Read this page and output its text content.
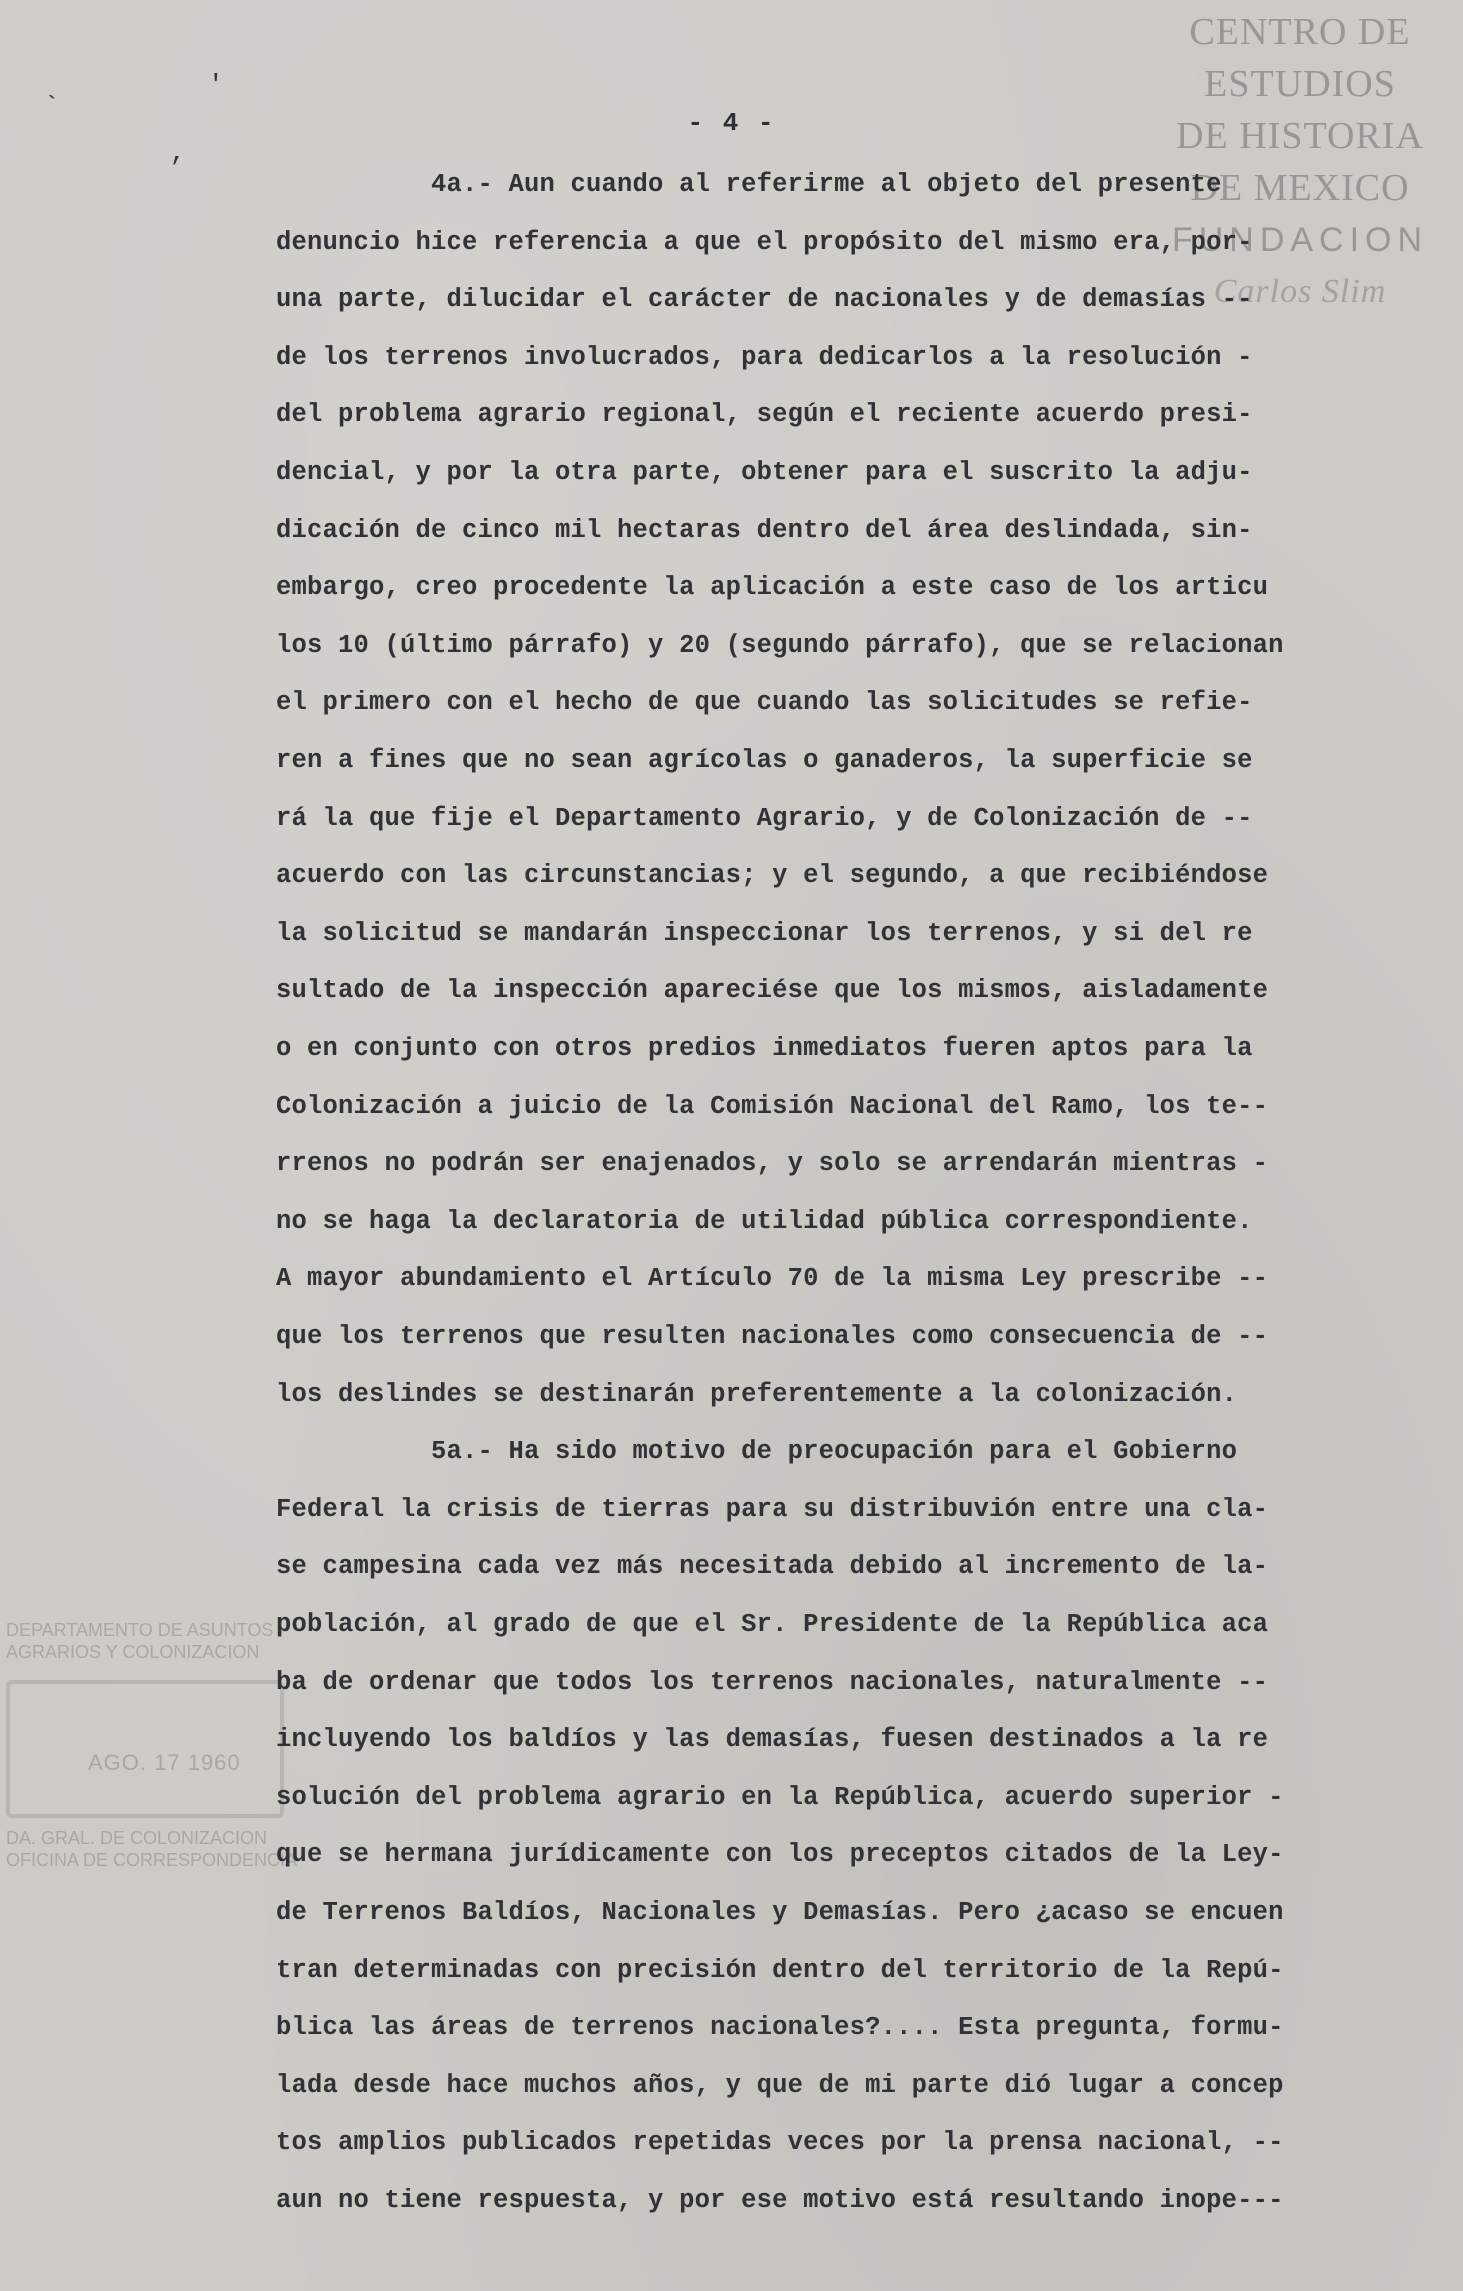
CENTRO DE
ESTUDIOS
DE HISTORIA
DE MEXICO
FUNDACION
Carlos Slim
DEPARTAMENTO DE ASUNTOS
AGRARIOS Y COLONIZACION
AGO. 17 1960
DA. GRAL. DE COLONIZACION
OFICINA DE CORRESPONDENCIA
`
'
,
- 4 -
4a.- Aun cuando al referirme al objeto del presente
denuncio hice referencia a que el propósito del mismo era, por-
una parte, dilucidar el carácter de nacionales y de demasías --
de los terrenos involucrados, para dedicarlos a la resolución -
del problema agrario regional, según el reciente acuerdo presi-
dencial, y por la otra parte, obtener para el suscrito la adju-
dicación de cinco mil hectaras dentro del área deslindada, sin-
embargo, creo procedente la aplicación a este caso de los articu
los 10 (último párrafo) y 20 (segundo párrafo), que se relacionan
el primero con el hecho de que cuando las solicitudes se refie-
ren a fines que no sean agrícolas o ganaderos, la superficie se
rá la que fije el Departamento Agrario, y de Colonización de --
acuerdo con las circunstancias; y el segundo, a que recibiéndose
la solicitud se mandarán inspeccionar los terrenos, y si del re
sultado de la inspección apareciése que los mismos, aisladamente
o en conjunto con otros predios inmediatos fueren aptos para la
Colonización a juicio de la Comisión Nacional del Ramo, los te--
rrenos no podrán ser enajenados, y solo se arrendarán mientras -
no se haga la declaratoria de utilidad pública correspondiente.
A mayor abundamiento el Artículo 70 de la misma Ley prescribe --
que los terrenos que resulten nacionales como consecuencia de --
los deslindes se destinarán preferentemente a la colonización.
5a.- Ha sido motivo de preocupación para el Gobierno
Federal la crisis de tierras para su distribuvión entre una cla-
se campesina cada vez más necesitada debido al incremento de la-
población, al grado de que el Sr. Presidente de la República aca
ba de ordenar que todos los terrenos nacionales, naturalmente --
incluyendo los baldíos y las demasías, fuesen destinados a la re
solución del problema agrario en la República, acuerdo superior -
que se hermana jurídicamente con los preceptos citados de la Ley-
de Terrenos Baldíos, Nacionales y Demasías. Pero ¿acaso se encuen
tran determinadas con precisión dentro del territorio de la Repú-
blica las áreas de terrenos nacionales?.... Esta pregunta, formu-
lada desde hace muchos años, y que de mi parte dió lugar a concep
tos amplios publicados repetidas veces por la prensa nacional, --
aun no tiene respuesta, y por ese motivo está resultando inope---
